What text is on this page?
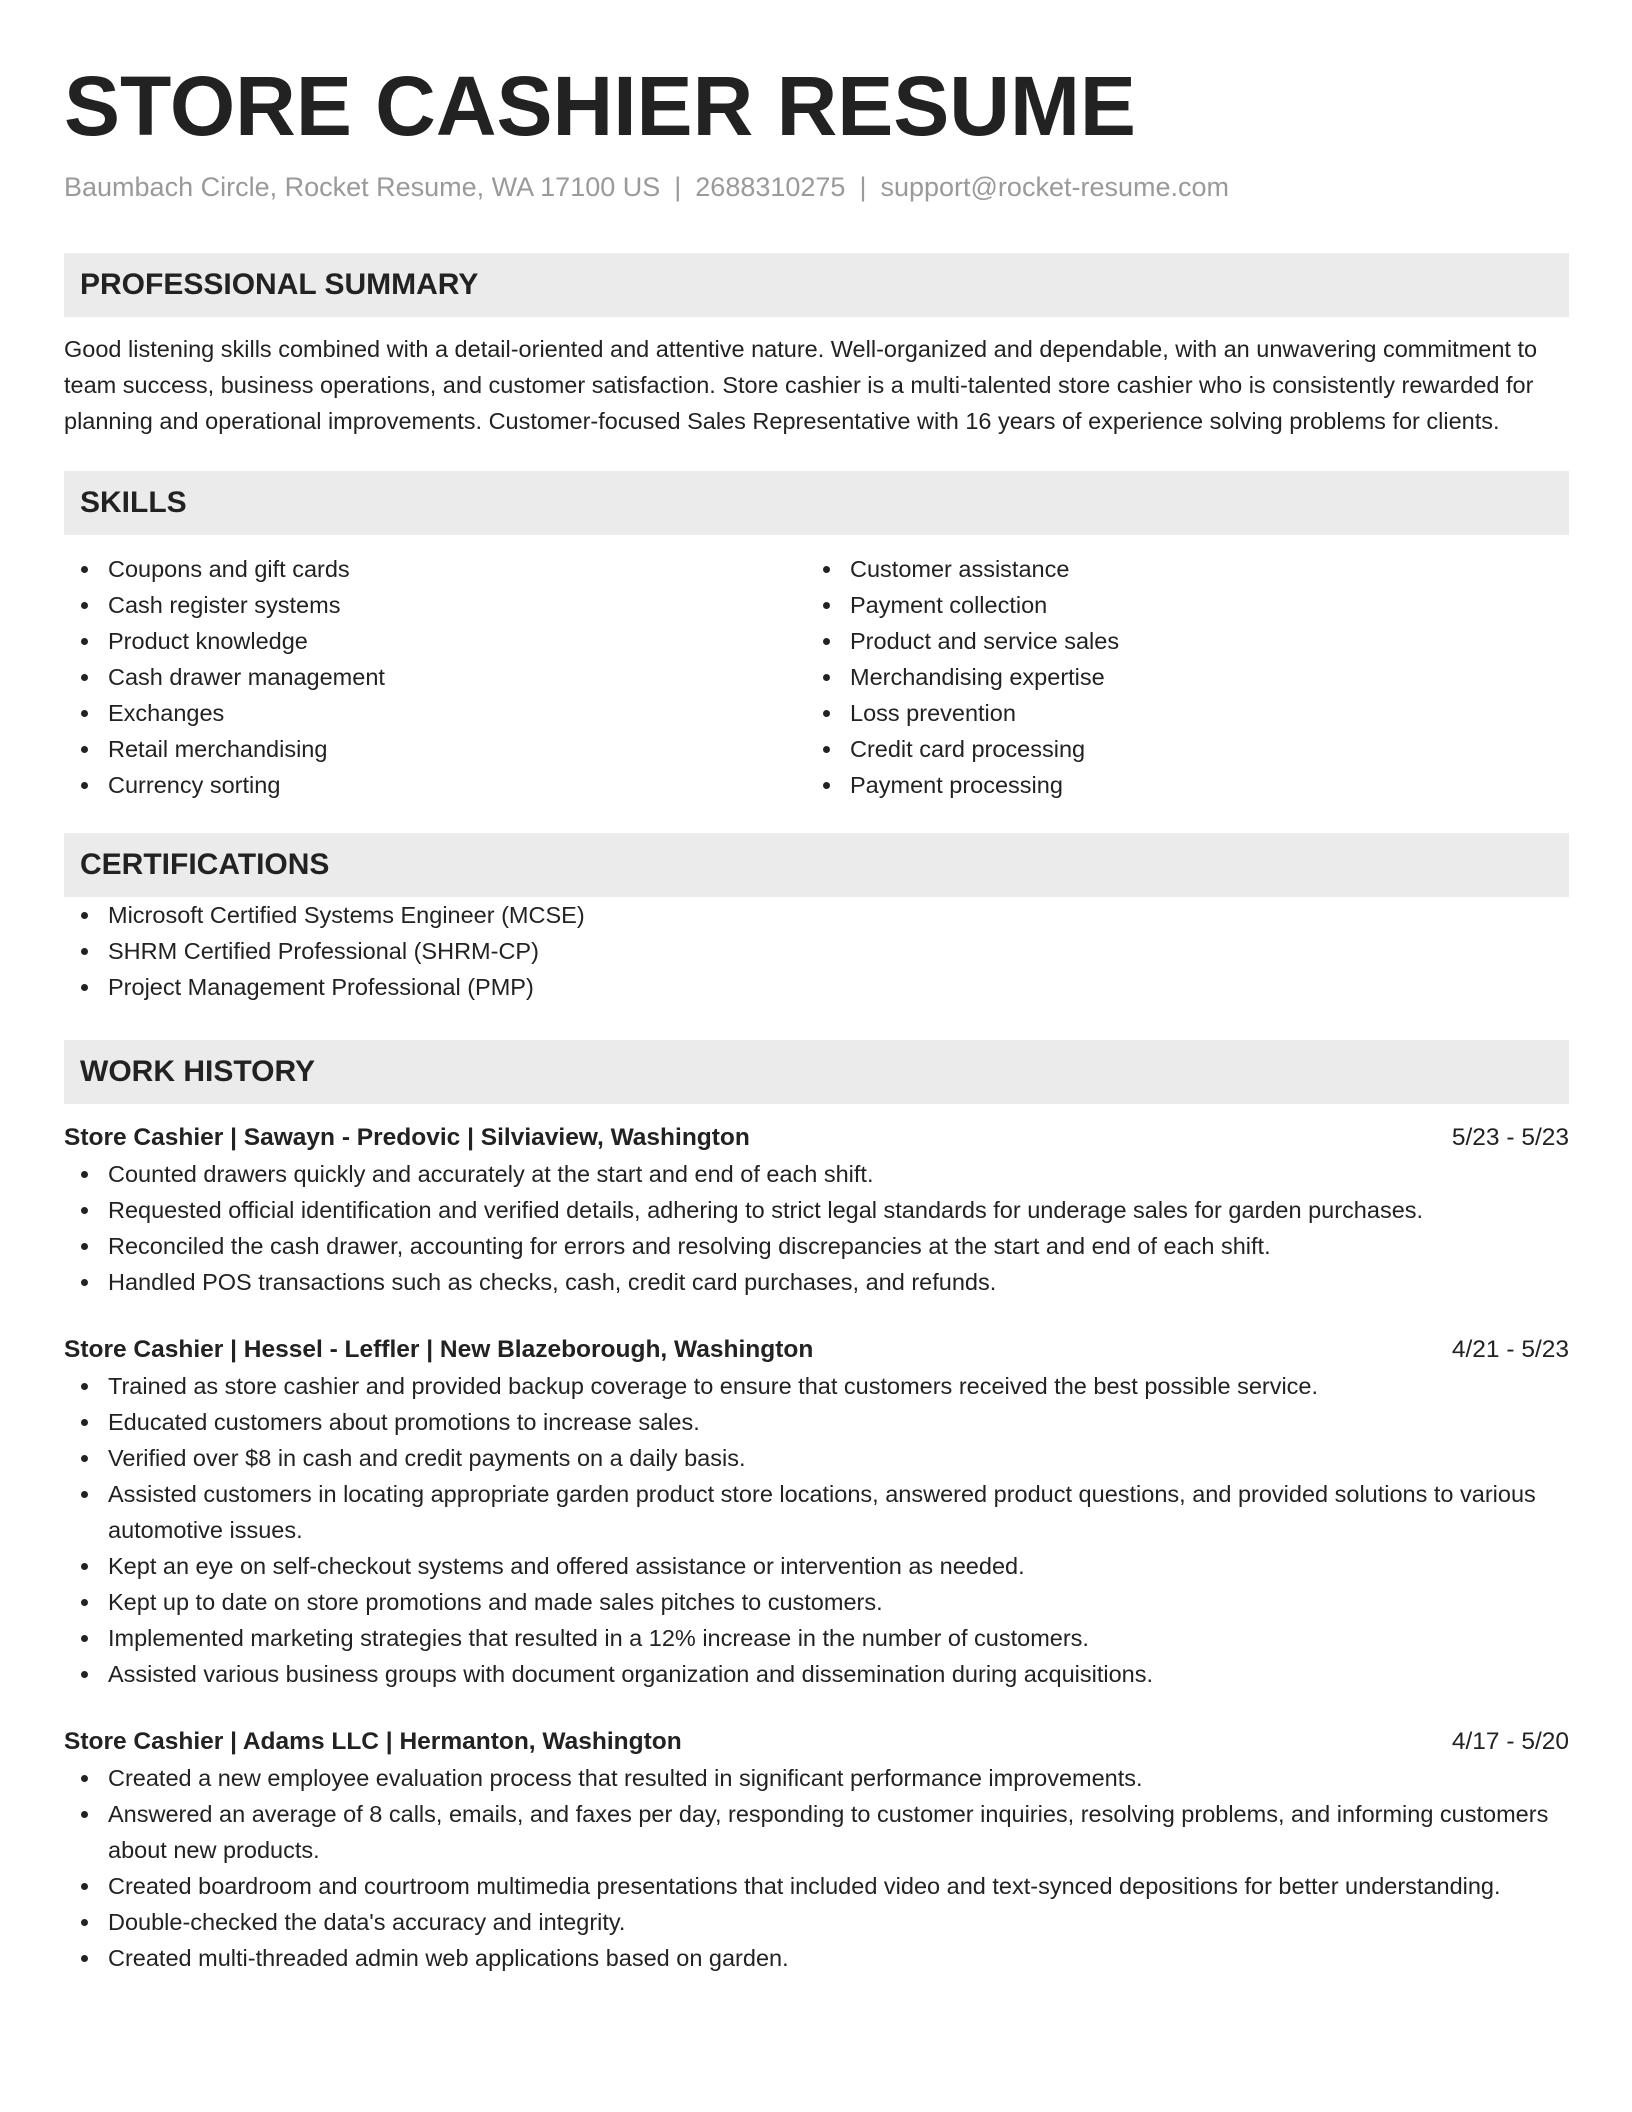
STORE CASHIER RESUME
Baumbach Circle, Rocket Resume, WA 17100 US | 2688310275 | support@rocket-resume.com
PROFESSIONAL SUMMARY
Good listening skills combined with a detail-oriented and attentive nature. Well-organized and dependable, with an unwavering commitment to team success, business operations, and customer satisfaction. Store cashier is a multi-talented store cashier who is consistently rewarded for planning and operational improvements. Customer-focused Sales Representative with 16 years of experience solving problems for clients.
SKILLS
Coupons and gift cards
Cash register systems
Product knowledge
Cash drawer management
Exchanges
Retail merchandising
Currency sorting
Customer assistance
Payment collection
Product and service sales
Merchandising expertise
Loss prevention
Credit card processing
Payment processing
CERTIFICATIONS
Microsoft Certified Systems Engineer (MCSE)
SHRM Certified Professional (SHRM-CP)
Project Management Professional (PMP)
WORK HISTORY
Store Cashier | Sawayn - Predovic | Silviaview, Washington	5/23 - 5/23
Counted drawers quickly and accurately at the start and end of each shift.
Requested official identification and verified details, adhering to strict legal standards for underage sales for garden purchases.
Reconciled the cash drawer, accounting for errors and resolving discrepancies at the start and end of each shift.
Handled POS transactions such as checks, cash, credit card purchases, and refunds.
Store Cashier | Hessel - Leffler | New Blazeborough, Washington	4/21 - 5/23
Trained as store cashier and provided backup coverage to ensure that customers received the best possible service.
Educated customers about promotions to increase sales.
Verified over $8 in cash and credit payments on a daily basis.
Assisted customers in locating appropriate garden product store locations, answered product questions, and provided solutions to various automotive issues.
Kept an eye on self-checkout systems and offered assistance or intervention as needed.
Kept up to date on store promotions and made sales pitches to customers.
Implemented marketing strategies that resulted in a 12% increase in the number of customers.
Assisted various business groups with document organization and dissemination during acquisitions.
Store Cashier | Adams LLC | Hermanton, Washington	4/17 - 5/20
Created a new employee evaluation process that resulted in significant performance improvements.
Answered an average of 8 calls, emails, and faxes per day, responding to customer inquiries, resolving problems, and informing customers about new products.
Created boardroom and courtroom multimedia presentations that included video and text-synced depositions for better understanding.
Double-checked the data's accuracy and integrity.
Created multi-threaded admin web applications based on garden.
